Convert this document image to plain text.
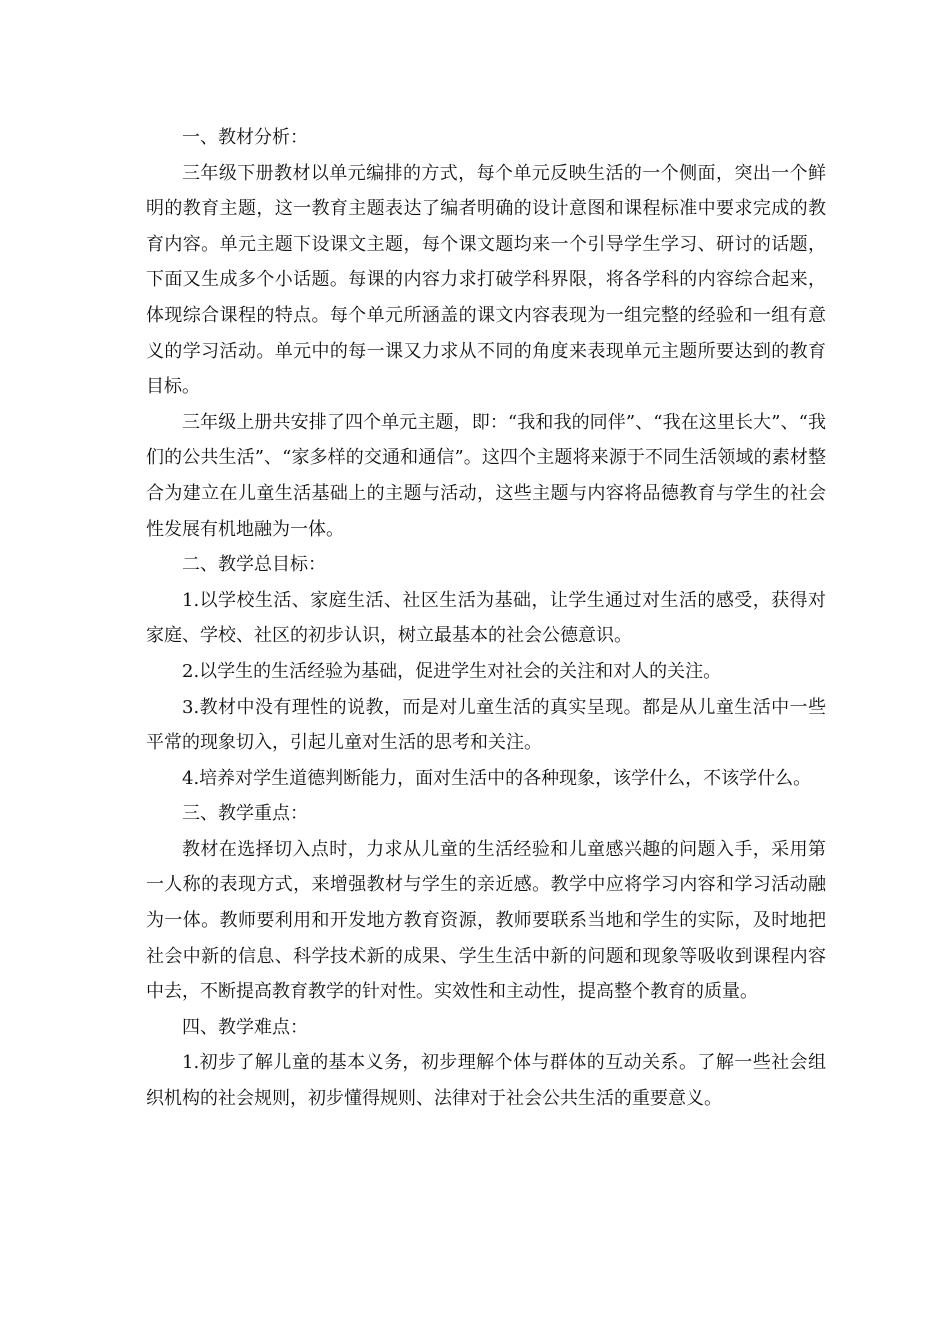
一、教材分析：

三年级下册教材以单元编排的方式，每个单元反映生活的一个侧面，突出一个鲜明的教育主题，这一教育主题表达了编者明确的设计意图和课程标准中要求完成的教育内容。单元主题下设课文主题，每个课文题均来一个引导学生学习、研讨的话题，下面又生成多个小话题。每课的内容力求打破学科界限，将各学科的内容综合起来，体现综合课程的特点。每个单元所涵盖的课文内容表现为一组完整的经验和一组有意义的学习活动。单元中的每一课又力求从不同的角度来表现单元主题所要达到的教育目标。

三年级上册共安排了四个单元主题，即：“我和我的同伴”、“我在这里长大”、“我们的公共生活”、“家多样的交通和通信”。这四个主题将来源于不同生活领域的素材整合为建立在儿童生活基础上的主题与活动，这些主题与内容将品德教育与学生的社会性发展有机地融为一体。

二、教学总目标：

1.以学校生活、家庭生活、社区生活为基础，让学生通过对生活的感受，获得对家庭、学校、社区的初步认识，树立最基本的社会公德意识。

2.以学生的生活经验为基础，促进学生对社会的关注和对人的关注。

3.教材中没有理性的说教，而是对儿童生活的真实呈现。都是从儿童生活中一些平常的现象切入，引起儿童对生活的思考和关注。

4.培养对学生道德判断能力，面对生活中的各种现象，该学什么，不该学什么。

三、教学重点：

教材在选择切入点时，力求从儿童的生活经验和儿童感兴趣的问题入手，采用第一人称的表现方式，来增强教材与学生的亲近感。教学中应将学习内容和学习活动融为一体。教师要利用和开发地方教育资源，教师要联系当地和学生的实际，及时地把社会中新的信息、科学技术新的成果、学生生活中新的问题和现象等吸收到课程内容中去，不断提高教育教学的针对性。实效性和主动性，提高整个教育的质量。

四、教学难点：

1.初步了解儿童的基本义务，初步理解个体与群体的互动关系。了解一些社会组织机构的社会规则，初步懂得规则、法律对于社会公共生活的重要意义。
